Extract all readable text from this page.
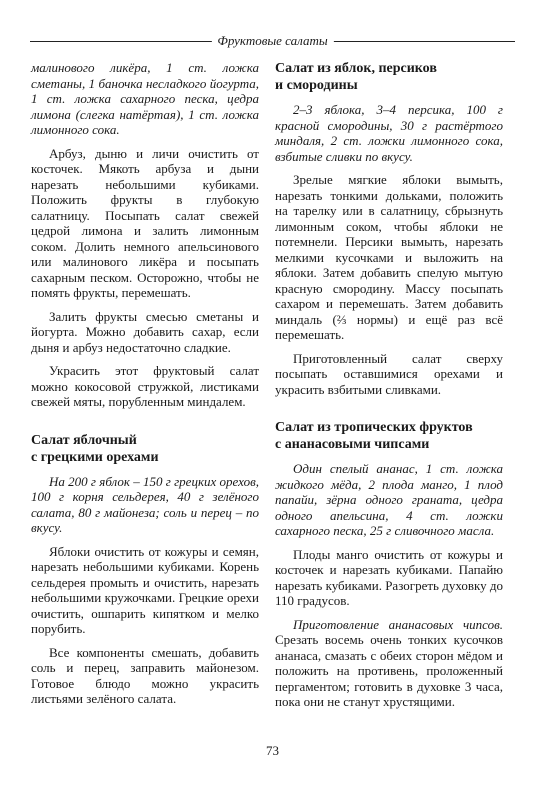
Фруктовые салаты

малинового ликёра, 1 ст. ложка сметаны, 1 баночка несладкого йогурта, 1 ст. ложка сахарного песка, цедра лимона (слегка натёртая), 1 ст. ложка лимонного сока.

Арбуз, дыню и личи очистить от косточек. Мякоть арбуза и дыни нарезать небольшими кубиками. Положить фрукты в глубокую салатницу. Посыпать салат свежей цедрой лимона и залить лимонным соком. Долить немного апельсинового или малинового ликёра и посыпать сахарным песком. Осторожно, чтобы не помять фрукты, перемешать.

Залить фрукты смесью сметаны и йогурта. Можно добавить сахар, если дыня и арбуз недостаточно сладкие.

Украсить этот фруктовый салат можно кокосовой стружкой, листиками свежей мяты, порубленным миндалем.

Салат яблочный
с грецкими орехами

На 200 г яблок – 150 г грецких орехов, 100 г корня сельдерея, 40 г зелёного салата, 80 г майонеза; соль и перец – по вкусу.

Яблоки очистить от кожуры и семян, нарезать небольшими кубиками. Корень сельдерея промыть и очистить, нарезать небольшими кружочками. Грецкие орехи очистить, ошпарить кипятком и мелко порубить.

Все компоненты смешать, добавить соль и перец, заправить майонезом. Готовое блюдо можно украсить листьями зелёного салата.

Салат из яблок, персиков
и смородины

2–3 яблока, 3–4 персика, 100 г красной смородины, 30 г растёртого миндаля, 2 ст. ложки лимонного сока, взбитые сливки по вкусу.

Зрелые мягкие яблоки вымыть, нарезать тонкими дольками, положить на тарелку или в салатницу, сбрызнуть лимонным соком, чтобы яблоки не потемнели. Персики вымыть, нарезать мелкими кусочками и выложить на яблоки. Затем добавить спелую мытую красную смородину. Массу посыпать сахаром и перемешать. Затем добавить миндаль (⅔ нормы) и ещё раз всё перемешать.

Приготовленный салат сверху посыпать оставшимися орехами и украсить взбитыми сливками.

Салат из тропических фруктов
с ананасовыми чипсами

Один спелый ананас, 1 ст. ложка жидкого мёда, 2 плода манго, 1 плод папайи, зёрна одного граната, цедра одного апельсина, 4 ст. ложки сахарного песка, 25 г сливочного масла.

Плоды манго очистить от кожуры и косточек и нарезать кубиками. Папайю нарезать кубиками. Разогреть духовку до 110 градусов.

Приготовление ананасовых чипсов. Срезать восемь очень тонких кусочков ананаса, смазать с обеих сторон мёдом и положить на противень, проложенный пергаментом; готовить в духовке 3 часа, пока они не станут хрустящими.

73
